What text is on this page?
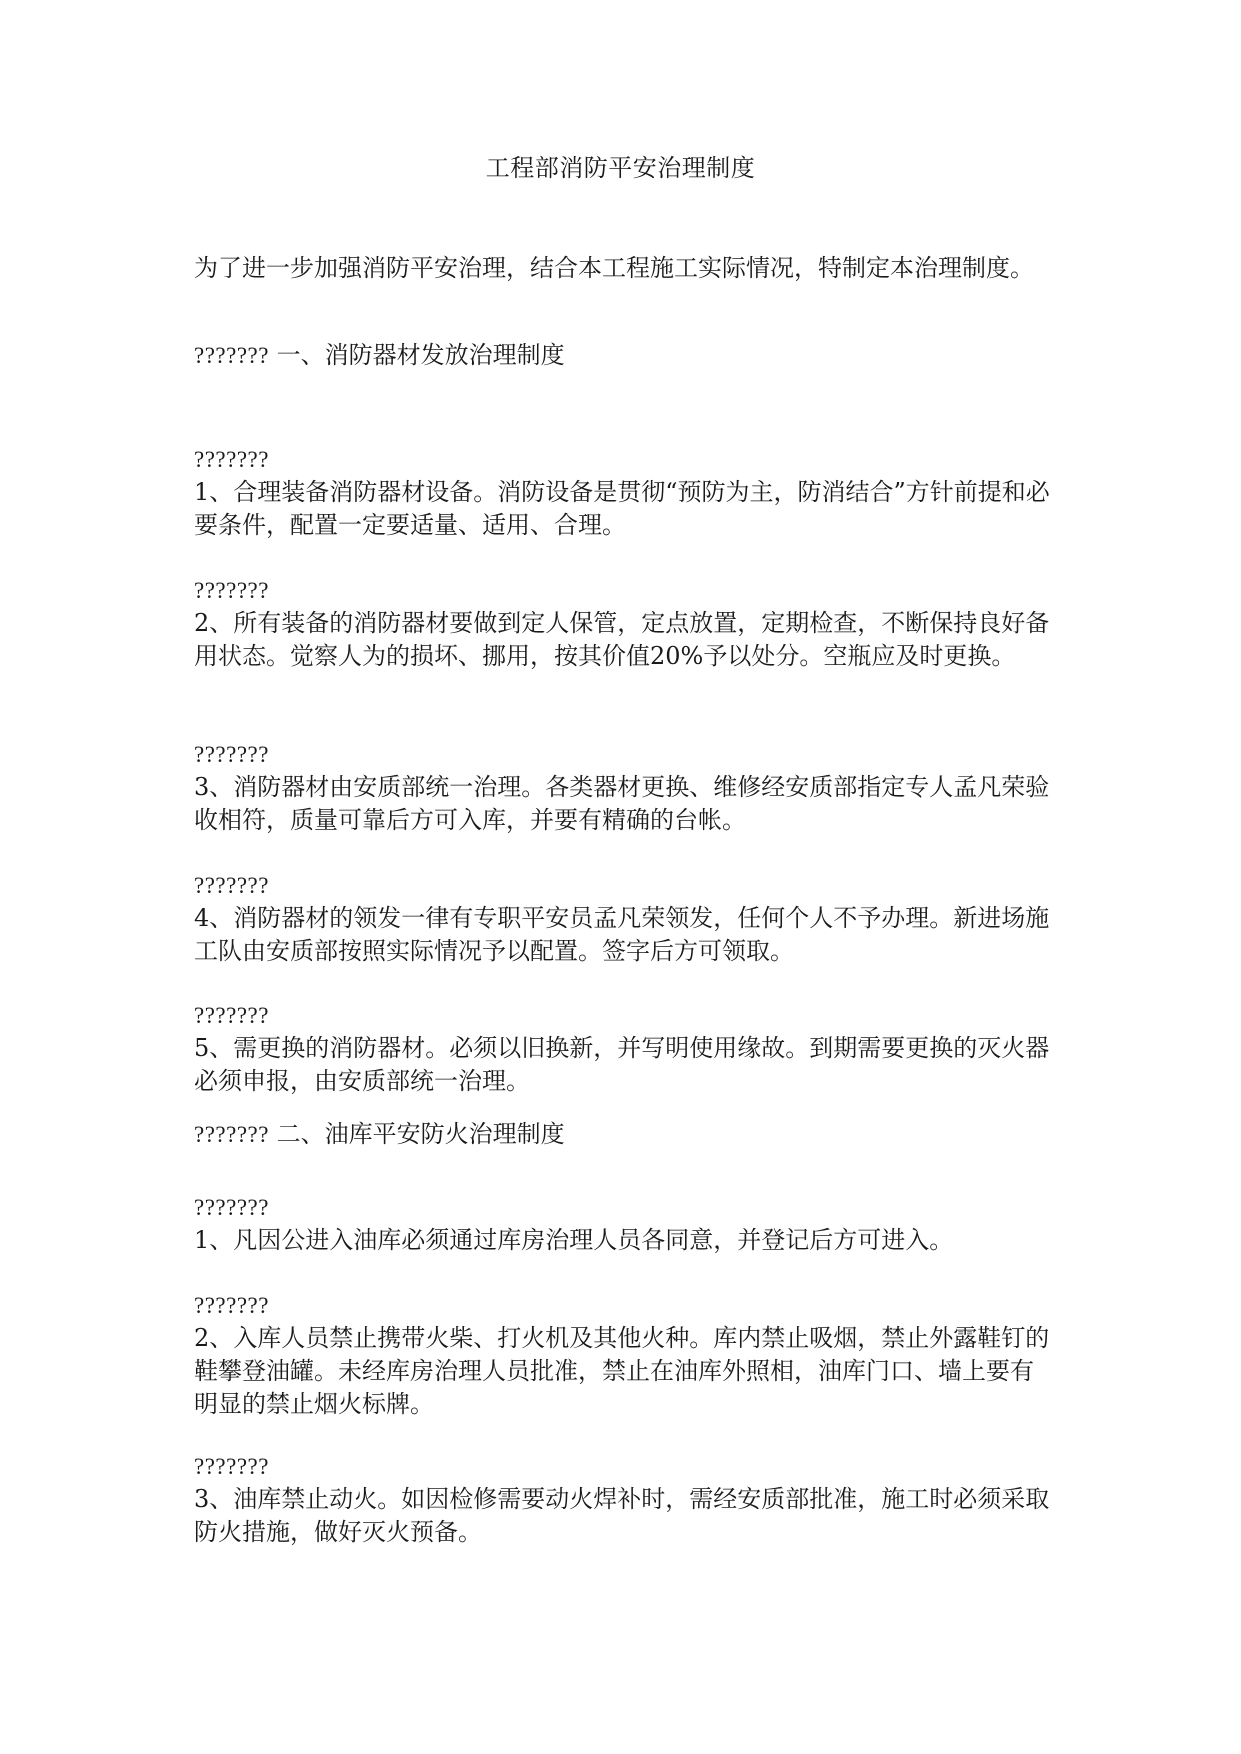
工程部消防平安治理制度

为了进一步加强消防平安治理，结合本工程施工实际情况，特制定本治理制度。

??????? 一、消防器材发放治理制度

???????
1、合理装备消防器材设备。消防设备是贯彻“预防为主，防消结合”方针前提和必要条件，配置一定要适量、适用、合理。
???????
2、所有装备的消防器材要做到定人保管，定点放置，定期检查，不断保持良好备用状态。觉察人为的损坏、挪用，按其价值20%予以处分。空瓶应及时更换。
???????
3、消防器材由安质部统一治理。各类器材更换、维修经安质部指定专人孟凡荣验收相符，质量可靠后方可入库，并要有精确的台帐。
???????
4、消防器材的领发一律有专职平安员孟凡荣领发，任何个人不予办理。新进场施工队由安质部按照实际情况予以配置。签字后方可领取。
???????
5、需更换的消防器材。必须以旧换新，并写明使用缘故。到期需要更换的灭火器必须申报，由安质部统一治理。

??????? 二、油库平安防火治理制度

???????
1、凡因公进入油库必须通过库房治理人员各同意，并登记后方可进入。
???????
2、入库人员禁止携带火柴、打火机及其他火种。库内禁止吸烟，禁止外露鞋钉的鞋攀登油罐。未经库房治理人员批准，禁止在油库外照相，油库门口、墙上要有明显的禁止烟火标牌。
???????
3、油库禁止动火。如因检修需要动火焊补时，需经安质部批准，施工时必须采取防火措施，做好灭火预备。
